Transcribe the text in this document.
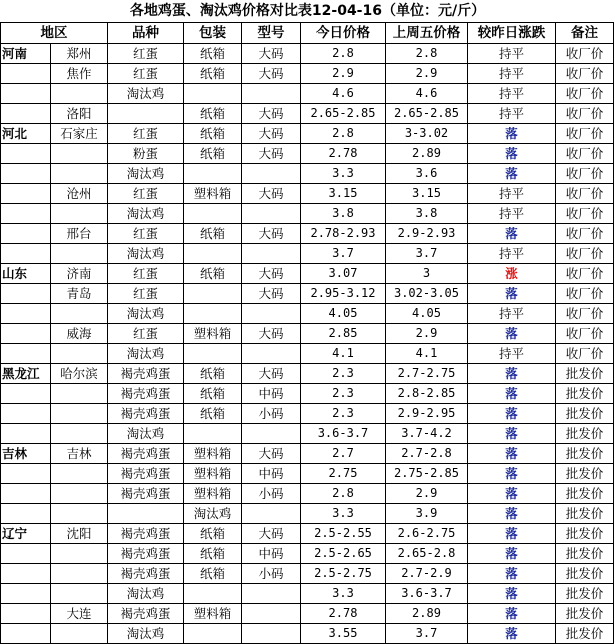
各地鸡蛋、淘汰鸡价格对比表12-04-16（单位：元/斤）
地区		品种	包装	型号	今日价格	上周五价格	较昨日涨跌	备注
河南	郑州	红蛋	纸箱	大码	2.8	2.8	持平	收厂价
	焦作	红蛋	纸箱	大码	2.9	2.9	持平	收厂价
		淘汰鸡			4.6	4.6	持平	收厂价
	洛阳		纸箱	大码	2.65-2.85	2.65-2.85	持平	收厂价
河北	石家庄	红蛋	纸箱	大码	2.8	3-3.02	落	收厂价
		粉蛋	纸箱	大码	2.78	2.89	落	收厂价
		淘汰鸡			3.3	3.6	落	收厂价
	沧州	红蛋	塑料箱	大码	3.15	3.15	持平	收厂价
		淘汰鸡			3.8	3.8	持平	收厂价
	邢台	红蛋	纸箱	大码	2.78-2.93	2.9-2.93	落	收厂价
		淘汰鸡			3.7	3.7	持平	收厂价
山东	济南	红蛋	纸箱	大码	3.07	3	涨	收厂价
	青岛	红蛋		大码	2.95-3.12	3.02-3.05	落	收厂价
		淘汰鸡			4.05	4.05	持平	收厂价
	威海	红蛋	塑料箱	大码	2.85	2.9	落	收厂价
		淘汰鸡			4.1	4.1	持平	收厂价
黑龙江	哈尔滨	褐壳鸡蛋	纸箱	大码	2.3	2.7-2.75	落	批发价
		褐壳鸡蛋	纸箱	中码	2.3	2.8-2.85	落	批发价
		褐壳鸡蛋	纸箱	小码	2.3	2.9-2.95	落	批发价
		淘汰鸡			3.6-3.7	3.7-4.2	落	批发价
吉林	吉林	褐壳鸡蛋	塑料箱	大码	2.7	2.7-2.8	落	批发价
		褐壳鸡蛋	塑料箱	中码	2.75	2.75-2.85	落	批发价
		褐壳鸡蛋	塑料箱	小码	2.8	2.9	落	批发价
			淘汰鸡		3.3	3.9	落	批发价
辽宁	沈阳	褐壳鸡蛋	纸箱	大码	2.5-2.55	2.6-2.75	落	批发价
		褐壳鸡蛋	纸箱	中码	2.5-2.65	2.65-2.8	落	批发价
		褐壳鸡蛋	纸箱	小码	2.5-2.75	2.7-2.9	落	批发价
		淘汰鸡			3.3	3.6-3.7	落	批发价
	大连	褐壳鸡蛋	塑料箱		2.78	2.89	落	批发价
		淘汰鸡			3.55	3.7	落	批发价
